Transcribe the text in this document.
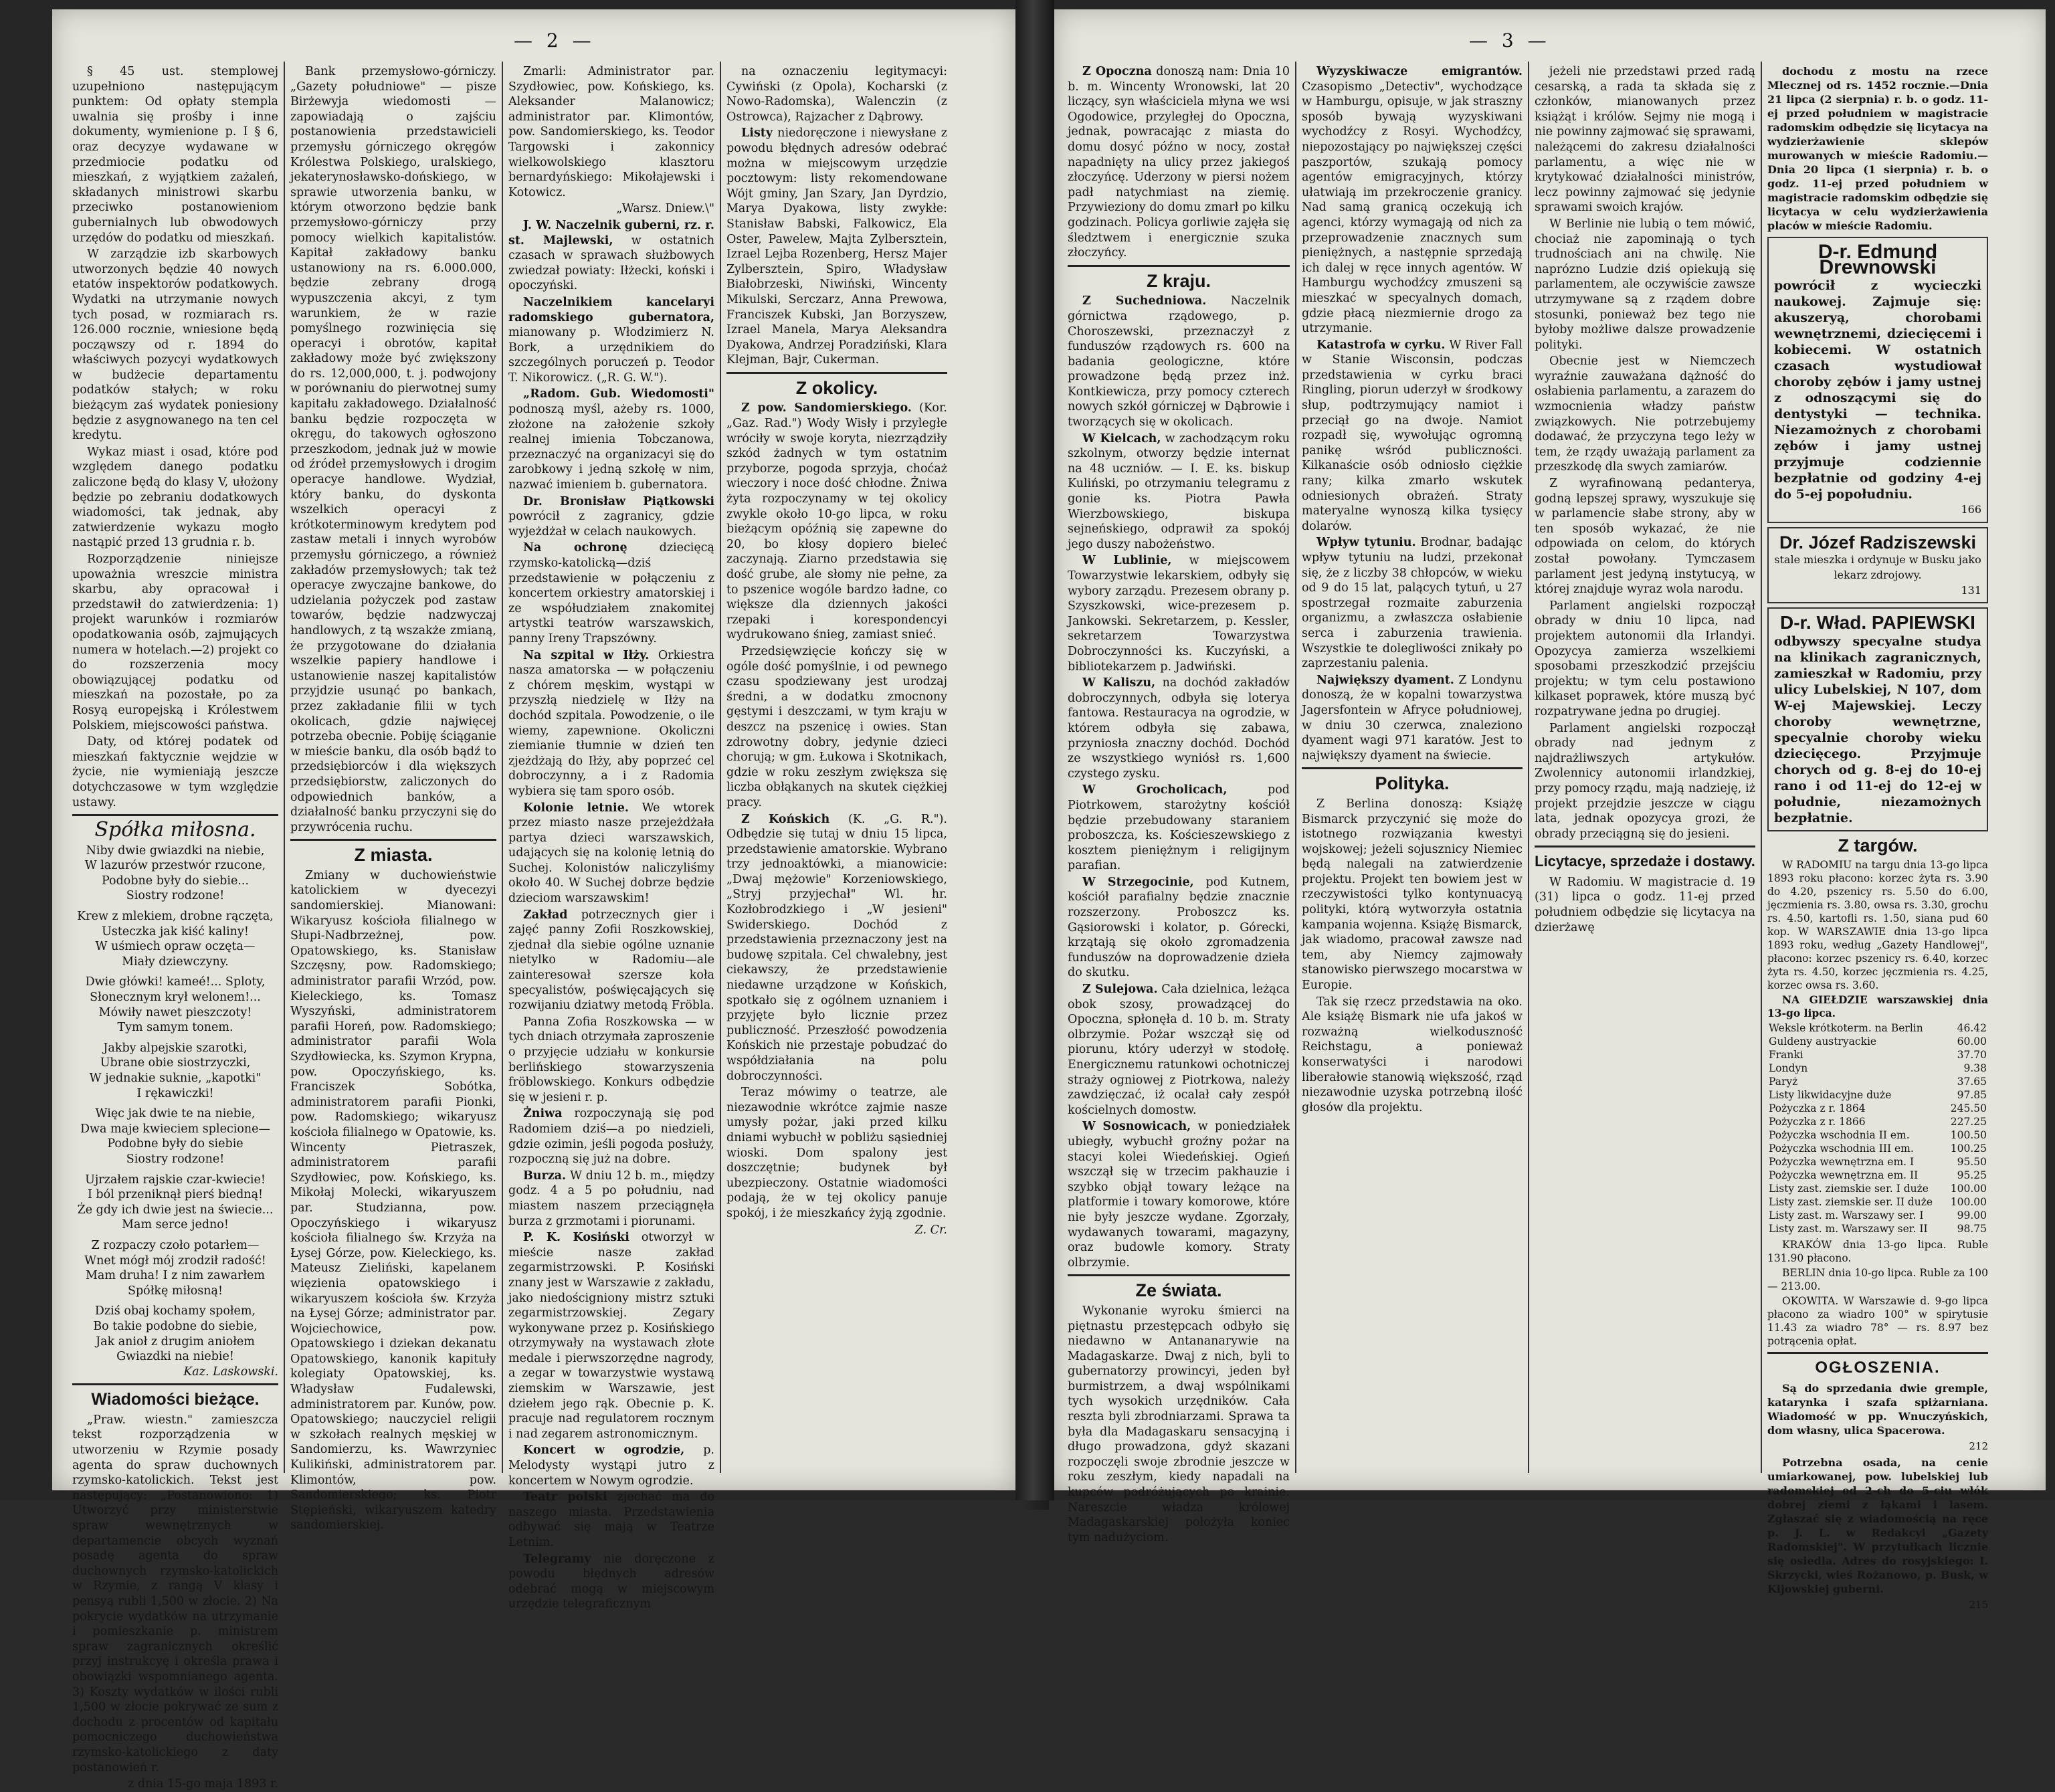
— 2 —

§ 45 ust. stemplowej uzupełniono następującym punktem: Od opłaty stempla uwalnia się prośby i inne dokumenty, wymienione p. I § 6, oraz decyzye wydawane w przedmiocie podatku od mieszkań, z wyjątkiem zażaleń, składanych ministrowi skarbu przeciwko postanowieniom gubernialnych lub obwodowych urzędów do podatku od mieszkań.

W zarządzie izb skarbowych utworzonych będzie 40 nowych etatów inspektorów podatkowych. Wydatki na utrzymanie nowych tych posad, w rozmiarach rs. 126.000 rocznie, wniesione będą począwszy od r. 1894 do właściwych pozycyi wydatkowych w budżecie departamentu podatków stałych; w roku bieżącym zaś wydatek poniesiony będzie z asygnowanego na ten cel kredytu.

Wykaz miast i osad, które pod względem danego podatku zaliczone będą do klasy V, ułożony będzie po zebraniu dodatkowych wiadomości, tak jednak, aby zatwierdzenie wykazu mogło nastąpić przed 13 grudnia r. b.

Rozporządzenie niniejsze upoważnia wreszcie ministra skarbu, aby opracował i przedstawił do zatwierdzenia: 1) projekt warunków i rozmiarów opodatkowania osób, zajmujących numera w hotelach.—2) projekt co do rozszerzenia mocy obowiązującej podatku od mieszkań na pozostałe, po za Rosyą europejską i Królestwem Polskiem, miejscowości państwa.

Daty, od której podatek od mieszkań faktycznie wejdzie w życie, nie wymieniają jeszcze dotychczasowe w tym względzie ustawy.

Spółka miłosna.

Niby dwie gwiazdki na niebie,

W lazurów przestwór rzucone,

Podobne były do siebie...

Siostry rodzone!

Krew z mlekiem, drobne rączęta,

Usteczka jak kiść kaliny!

W uśmiech opraw oczęta—

Miały dziewczyny.

Dwie główki! kameé!... Sploty,

Słonecznym krył welonem!...

Mówiły nawet pieszczoty!

Tym samym tonem.

Jakby alpejskie szarotki,

Ubrane obie siostrzyczki,

W jednakie suknie, „kapotki"

I rękawiczki!

Więc jak dwie te na niebie,

Dwa maje kwieciem splecione—

Podobne były do siebie

Siostry rodzone!

Ujrzałem rajskie czar-kwiecie!

I ból przeniknął pierś biedną!

Że gdy ich dwie jest na świecie...

Mam serce jedno!

Z rozpaczy czoło potarłem—

Wnet mógł mój zrodził radość!

Mam druha! I z nim zawarłem

Spółkę miłosną!

Dziś obaj kochamy społem,

Bo takie podobne do siebie,

Jak anioł z drugim aniołem

Gwiazdki na niebie!

Kaz. Laskowski.

Wiadomości bieżące.

„Praw. wiestn." zamieszcza tekst rozporządzenia w utworzeniu w Rzymie posady agenta do spraw duchownych rzymsko-katolickich. Tekst jest następujący: „Postanowiono: 1) Utworzyć przy ministerstwie spraw wewnętrznych w departamencie obcych wyznań posadę agenta do spraw duchownych rzymsko-katolickich w Rzymie, z rangą V klasy i pensyą rubli 1,500 w złocie. 2) Na pokrycie wydatków na utrzymanie i pomieszkanie p. ministrem spraw zagranicznych określić przyj instrukcyę i określa prawa i obowiązki wspomnianego agenta. 3) Koszty wydatków w ilości rubli 1,500 w złocie pokrywać ze sum z dochodu z procentów od kapitału pomocniczego duchowieństwa rzymsko-katolickiego z daty postanowień r.

z dnia 15-go maja 1893 r.

Bank przemysłowo-górniczy. „Gazety południowe" — pisze Birżewyja wiedomosti — zapowiadają o zajściu postanowienia przedstawicieli przemysłu górniczego okręgów Królestwa Polskiego, uralskiego, jekaterynosławsko-dońskiego, w sprawie utworzenia banku, w którym otworzono będzie bank przemysłowo-górniczy przy pomocy wielkich kapitalistów. Kapitał zakładowy banku ustanowiony na rs. 6.000.000, będzie zebrany drogą wypuszczenia akcyi, z tym warunkiem, że w razie pomyślnego rozwinięcia się operacyi i obrotów, kapitał zakładowy może być zwiększony do rs. 12,000,000, t. j. podwojony w porównaniu do pierwotnej sumy kapitału zakładowego. Działalność banku będzie rozpoczęta w okręgu, do takowych ogłoszono przeszkodom, jednak już w mowie od źródeł przemysłowych i drogim operacye handlowe. Wydział, który banku, do dyskonta wszelkich operacyi z krótkoterminowym kredytem pod zastaw metali i innych wyrobów przemysłu górniczego, a również zakładów przemysłowych; tak też operacye zwyczajne bankowe, do udzielania pożyczek pod zastaw towarów, będzie nadzwyczaj handlowych, z tą wszakże zmianą, że przygotowane do działania wszelkie papiery handlowe i ustanowienie naszej kapitalistów przyjdzie usunąć po bankach, przez zakładanie filii w tych okolicach, gdzie najwięcej potrzeba obecnie. Pobiję ściąganie w mieście banku, dla osób bądź to przedsiębiorców i dla większych przedsiębiorstw, zaliczonych do odpowiednich banków, a działalność banku przyczyni się do przywrócenia ruchu.

Z miasta.

Zmiany w duchowieństwie katolickiem w dyecezyi sandomierskiej. Mianowani: Wikaryusz kościoła filialnego w Słupi-Nadbrzeżnej, pow. Opatowskiego, ks. Stanisław Szczęsny, pow. Radomskiego; administrator parafii Wrzód, pow. Kieleckiego, ks. Tomasz Wyszyński, administratorem parafii Horeń, pow. Radomskiego; administrator parafii Wola Szydłowiecka, ks. Szymon Krypna, pow. Opoczyńskiego, ks. Franciszek Sobótka, administratorem parafii Pionki, pow. Radomskiego; wikaryusz kościoła filialnego w Opatowie, ks. Wincenty Pietraszek, administratorem parafii Szydłowiec, pow. Końskiego, ks. Mikołaj Molecki, wikaryuszem par. Studzianna, pow. Opoczyńskiego i wikaryusz kościoła filialnego św. Krzyża na Łysej Górze, pow. Kieleckiego, ks. Mateusz Zieliński, kapelanem więzienia opatowskiego i wikaryuszem kościoła św. Krzyża na Łysej Górze; administrator par. Wojciechowice, pow. Opatowskiego i dziekan dekanatu Opatowskiego, kanonik kapituły kolegiaty Opatowskiej, ks. Władysław Fudalewski, administratorem par. Kunów, pow. Opatowskiego; nauczyciel religii w szkołach realnych męskiej w Sandomierzu, ks. Wawrzyniec Kulikiński, administratorem par. Klimontów, pow. Sandomierskiego; ks. Piotr Stępieński, wikaryuszem katedry sandomierskiej.

Zmarli: Administrator par. Szydłowiec, pow. Końskiego, ks. Aleksander Malanowicz; administrator par. Klimontów, pow. Sandomierskiego, ks. Teodor Targowski i zakonnicy wielkowolskiego klasztoru bernardyńskiego: Mikołajewski i Kotowicz.

„Warsz. Dniew.\"

J. W. Naczelnik guberni, rz. r. st. Majlewski, w ostatnich czasach w sprawach służbowych zwiedzał powiaty: Iłżecki, koński i opoczyński.

Naczelnikiem kancelaryi radomskiego gubernatora, mianowany p. Włodzimierz N. Bork, a urzędnikiem do szczególnych poruczeń p. Teodor T. Nikorowicz. („R. G. W.").

„Radom. Gub. Wiedomosti" podnoszą myśl, ażeby rs. 1000, złożone na założenie szkoły realnej imienia Tobczanowa, przeznaczyć na organizacyi się do zarobkowy i jedną szkołę w nim, nazwać imieniem b. gubernatora.

Dr. Bronisław Piątkowski powrócił z zagranicy, gdzie wyjeżdżał w celach naukowych.

Na ochronę	dziecięcą rzymsko-katolicką—dziś przedstawienie w połączeniu z koncertem orkiestry amatorskiej i ze współudziałem znakomitej artystki teatrów warszawskich, panny Ireny Trapszówny.

Na szpital w Iłży. Orkiestra nasza amatorska — w połączeniu z chórem męskim, wystąpi w przyszłą niedzielę w Iłży na dochód szpitala. Powodzenie, o ile wiemy, zapewnione. Okoliczni ziemianie tłumnie w dzień ten zjeżdżają do Iłży, aby poprzeć cel dobroczynny, a i z Radomia wybiera się tam sporo osób.

Kolonie letnie. We wtorek przez miasto nasze przejeżdżała partya dzieci warszawskich, udających się na kolonię letnią do Suchej. Kolonistów naliczyliśmy około 40. W Suchej dobrze będzie dzieciom warszawskim!

Zakład potrzecznych gier i zajęć panny Zofii Roszkowskiej, zjednał dla siebie ogólne uznanie nietylko w Radomiu—ale zainteresował szersze koła specyalistów, poświęcających się rozwijaniu dziatwy metodą Fröbla.

Panna Zofia Roszkowska — w tych dniach otrzymała zaproszenie o przyjęcie udziału w konkursie berlińskiego stowarzyszenia fröblowskiego. Konkurs odbędzie się w jesieni r. p.

Żniwa rozpoczynają się pod Radomiem dziś—a po niedzieli, gdzie ozimin, jeśli pogoda posłuży, rozpoczną się już na dobre.

Burza. W dniu 12 b. m., między godz. 4 a 5 po południu, nad miastem naszem przeciągnęła burza z grzmotami i piorunami.

P. K. Kosiński otworzył w mieście nasze zakład zegarmistrzowski. P. Kosiński znany jest w Warszawie z zakładu, jako niedościgniony mistrz sztuki zegarmistrzowskiej. Zegary wykonywane przez p. Kosińskiego otrzymywały na wystawach złote medale i pierwszorzędne nagrody, a zegar w towarzystwie wystawą ziemskim w Warszawie, jest dziełem jego rąk. Obecnie p. K. pracuje nad regulatorem rocznym i nad zegarem astronomicznym.

Koncert w ogrodzie, p. Melodysty wystąpi jutro z koncertem w Nowym ogrodzie.

Teatr polski zjechać ma do naszego miasta. Przedstawienia odbywać się mają w Teatrze Letnim.

Telegramy nie doręczone z powodu błędnych adresów odebrać mogą w miejscowym urzędzie telegraficznym

na oznaczeniu legitymacyi: Cywiński (z Opola), Kocharski (z Nowo-Radomska), Walenczin (z Ostrowca), Rajzacher z Dąbrowy.

Listy niedoręczone i niewysłane z powodu błędnych adresów odebrać można w miejscowym urzędzie pocztowym: listy rekomendowane Wójt gminy, Jan Szary, Jan Dyrdzio, Marya Dyakowa, listy zwykłe: Stanisław Babski, Falkowicz, Ela Oster, Pawelew, Majta Zylbersztein, Izrael Lejba Rozenberg, Hersz Majer Zylbersztein, Spiro, Władysław Białobrzeski, Niwiński, Wincenty Mikulski, Serczarz, Anna Prewowa, Franciszek Kubski, Jan Borzyszew, Izrael Manela, Marya Aleksandra Dyakowa, Andrzej Poradziński, Klara Klejman, Bajr, Cukerman.

Z okolicy.

Z pow. Sandomierskiego. (Kor. „Gaz. Rad.") Wody Wisły i przyległe wróciły w swoje koryta, niezrządziły szkód żadnych w tym ostatnim przyborze, pogoda sprzyja, choćaż wieczory i noce dość chłodne. Żniwa żyta rozpoczynamy w tej okolicy zwykle około 10-go lipca, w roku bieżącym opóźnią się zapewne do 20, bo kłosy dopiero bieleć zaczynają. Ziarno przedstawia się dość grube, ale słomy nie pełne, za to pszenice wogóle bardzo ładne, co większe dla dziennych jakości rzepaki i korespondencyi wydrukowano śnieg, zamiast snieć.

Przedsięwzięcie kończy się w ogóle dość pomyślnie, i od pewnego czasu spodziewany jest urodzaj średni, a w dodatku zmocnony gęstymi i deszczami, w tym kraju w deszcz na pszenicę i owies. Stan zdrowotny dobry, jedynie dzieci chorują; w gm. Łukowa i Skotnikach, gdzie w roku zeszłym zwiększa się liczba obłąkanych na skutek ciężkiej pracy.

Z Końskich (K. „G. R."). Odbędzie się tutaj w dniu 15 lipca, przedstawienie amatorskie. Wybrano trzy jednoaktówki, a mianowicie: „Dwaj mężowie" Korzeniowskiego, „Stryj przyjechał" Wl. hr. Kozłobrodzkiego i „W jesieni" Swiderskiego. Dochód z przedstawienia przeznaczony jest na budowę szpitala. Cel chwalebny, jest ciekawszy, że przedstawienie niedawne urządzone w Końskich, spotkało się z ogólnem uznaniem i przyjęte było licznie przez publiczność. Przeszłość powodzenia Końskich nie przestaje pobudzać do współdziałania na polu dobroczynności.

Teraz mówimy o teatrze, ale niezawodnie wkrótce zajmie nasze umysły pożar, jaki przed kilku dniami wybuchł w pobliżu sąsiedniej wioski. Dom spalony jest doszczętnie; budynek był ubezpieczony. Ostatnie wiadomości podają, że w tej okolicy panuje spokój, i że mieszkańcy żyją zgodnie.

Z. Cr.

— 3 —

Z Opoczna donoszą nam: Dnia 10 b. m. Wincenty Wronowski, lat 20 liczący, syn właściciela młyna we wsi Ogodowice, przyległej do Opoczna, jednak, powracając z miasta do domu dosyć późno w nocy, został napadnięty na ulicy przez jakiegoś złoczyńcę. Uderzony w piersi nożem padł natychmiast na ziemię. Przywieziony do domu zmarł po kilku godzinach. Policya gorliwie zajęła się śledztwem i energicznie szuka złoczyńcy.

Z kraju.

Z Suchedniowa. Naczelnik górnictwa rządowego, p. Choroszewski, przeznaczył z funduszów rządowych rs. 600 na badania geologiczne, które prowadzone będą przez inż. Kontkiewicza, przy pomocy czterech nowych szkół górniczej w Dąbrowie i tworzących się w okolicach.

W Kielcach, w zachodzącym roku szkolnym, otworzy będzie internat na 48 uczniów. — I. E. ks. biskup Kuliński, po otrzymaniu telegramu z gonie ks. Piotra Pawła Wierzbowskiego, biskupa sejneńskiego, odprawił za spokój jego duszy nabożeństwo.

W Lublinie, w miejscowem Towarzystwie lekarskiem, odbyły się wybory zarządu. Prezesem obrany p. Szyszkowski, wice-prezesem p. Jankowski. Sekretarzem, p. Kessler, sekretarzem Towarzystwa Dobroczynności ks. Kuczyński, a bibliotekarzem p. Jadwiński.

W Kaliszu, na dochód zakładów dobroczynnych, odbyła się loterya fantowa. Restauracya na ogrodzie, w którem odbyła się zabawa, przyniosła znaczny dochód. Dochód ze wszystkiego wyniósł rs. 1,600 czystego zysku.

W Grocholicach,	pod Piotrkowem, starożytny kościół będzie przebudowany staraniem proboszcza, ks. Kościeszewskiego z kosztem pieniężnym i religijnym parafian.

W Strzegocinie, pod Kutnem, kościół parafialny będzie znacznie rozszerzony. Proboszcz ks. Gąsiorowski i kolator, p. Górecki, krzątają się około zgromadzenia funduszów na doprowadzenie dzieła do skutku.

Z Sulejowa. Cała dzielnica, leżąca obok szosy, prowadzącej do Opoczna, spłonęła d. 10 b. m. Straty olbrzymie. Pożar wszczął się od piorunu, który uderzył w stodołę. Energicznemu ratunkowi ochotniczej straży ogniowej z Piotrkowa, należy zawdzięczać, iż ocalał cały zespół kościelnych domostw.

W Sosnowicach, w poniedziałek ubiegły, wybuchł groźny pożar na stacyi kolei Wiedeńskiej. Ogień wszczął się w trzecim pakhauzie i szybko objął towary leżące na platformie i towary komorowe, które nie były jeszcze wydane. Zgorzały, wydawanych towarami, magazyny, oraz budowle komory. Straty olbrzymie.

Ze świata.

Wykonanie wyroku śmierci na piętnastu przestępcach odbyło się niedawno w Antananarywie na Madagaskarze. Dwaj z nich, byli to gubernatorzy prowincyi, jeden był burmistrzem, a dwaj wspólnikami tych wysokich urzędników. Cała reszta byli zbrodniarzami. Sprawa ta była dla Madagaskaru sensacyjną i długo prowadzona, gdyż skazani rozpoczęli swoje zbrodnie jeszcze w roku zeszłym, kiedy napadali na kupców podróżujących po krainie. Nareszcie władza królowej Madagaskarskiej położyła koniec tym nadużyciom.

Wyzyskiwacze emigrantów. Czasopismo „Detectiv", wychodzące w Hamburgu, opisuje, w jak straszny sposób bywają wyzyskiwani wychodźcy z Rosyi. Wychodźcy, niepozostający po największej części paszportów, szukają pomocy agentów emigracyjnych, którzy ułatwiają im przekroczenie granicy. Nad samą granicą oczekują ich agenci, którzy wymagają od nich za przeprowadzenie znacznych sum pieniężnych, a następnie sprzedają ich dalej w ręce innych agentów. W Hamburgu wychodźcy zmuszeni są mieszkać w specyalnych domach, gdzie płacą niezmiernie drogo za utrzymanie.

Katastrofa w cyrku. W River Fall w Stanie Wisconsin, podczas przedstawienia w cyrku braci Ringling, piorun uderzył w środkowy słup, podtrzymujący namiot i przeciął go na dwoje. Namiot rozpadł się, wywołując ogromną panikę wśród publiczności. Kilkanaście osób odniosło ciężkie rany; kilka zmarło wskutek odniesionych obrażeń. Straty materyalne wynoszą kilka tysięcy dolarów.

Wpływ tytuniu. Brodnar, badając wpływ tytuniu na ludzi, przekonał się, że z liczby 38 chłopców, w wieku od 9 do 15 lat, palących tytuń, u 27 spostrzegał rozmaite zaburzenia organizmu, a zwłaszcza osłabienie serca i zaburzenia trawienia. Wszystkie te dolegliwości znikały po zaprzestaniu palenia.

Największy dyament. Z Londynu donoszą, że w kopalni towarzystwa Jagersfontein w Afryce południowej, w dniu 30 czerwca, znaleziono dyament wagi 971 karatów. Jest to największy dyament na świecie.

Polityka.

Z Berlina donoszą: Książę Bismarck przyczynić się może do istotnego rozwiązania kwestyi wojskowej; jeżeli sojusznicy Niemiec będą nalegali na zatwierdzenie projektu. Projekt ten bowiem jest w rzeczywistości tylko kontynuacyą polityki, którą wytworzyła ostatnia kampania wojenna. Książę Bismarck, jak wiadomo, pracował zawsze nad tem, aby Niemcy zajmowały stanowisko pierwszego mocarstwa w Europie.

Tak się rzecz przedstawia na oko. Ale książę Bismark nie ufa jakoś w rozważną wielkoduszność Reichstagu, a ponieważ konserwatyści i narodowi liberałowie stanowią większość, rząd niezawodnie uzyska potrzebną ilość głosów dla projektu.

jeżeli nie przedstawi przed radą cesarską, a rada ta składa się z członków, mianowanych przez książąt i królów. Sejmy nie mogą i nie powinny zajmować się sprawami, należącemi do zakresu działalności parlamentu, a więc nie w krytykować działalności ministrów, lecz powinny zajmować się jedynie sprawami swoich krajów.

W Berlinie nie lubią o tem mówić, chociaż nie zapominają o tych trudnościach ani na chwilę. Nie naprózno Ludzie dziś opiekują się parlamentem, ale oczywiście zawsze utrzymywane są z rządem dobre stosunki, ponieważ bez tego nie byłoby możliwe dalsze prowadzenie polityki.

Obecnie jest w Niemczech wyraźnie zauważana dążność do osłabienia parlamentu, a zarazem do wzmocnienia władzy państw związkowych. Nie potrzebujemy dodawać, że przyczyna tego leży w tem, że rządy uważają parlament za przeszkodę dla swych zamiarów.

Z wyrafinowaną pedanterya, godną lepszej sprawy, wyszukuje się w parlamencie słabe strony, aby w ten sposób wykazać, że nie odpowiada on celom, do których został powołany. Tymczasem parlament jest jedyną instytucyą, w której znajduje wyraz wola narodu.

Parlament angielski rozpoczął obrady w dniu 10 lipca, nad projektem autonomii dla Irlandyi. Opozycya zamierza wszelkiemi sposobami przeszkodzić przejściu projektu; w tym celu postawiono kilkaset poprawek, które muszą być rozpatrywane jedna po drugiej.

Parlament angielski rozpoczął obrady nad jednym z najdrażliwszych artykułów. Zwolennicy autonomii irlandzkiej, przy pomocy rządu, mają nadzieję, iż projekt przejdzie jeszcze w ciągu lata, jednak opozycya grozi, że obrady przeciągną się do jesieni.

Licytacye, sprzedaże i dostawy.

W Radomiu. W magistracie d. 19 (31) lipca o godz. 11-ej przed południem odbędzie się licytacya na dzierżawę

dochodu z mostu na rzece Mlecznej od rs. 1452 rocznie.—Dnia 21 lipca (2 sierpnia) r. b. o godz. 11-ej przed południem w magistracie radomskim odbędzie się licytacya na wydzierżawienie sklepów murowanych w mieście Radomiu.—Dnia 20 lipca (1 sierpnia) r. b. o godz. 11-ej przed południem w magistracie radomskim odbędzie się licytacya w celu wydzierżawienia placów w mieście Radomiu.

D-r. Edmund Drewnowski
powrócił z wycieczki naukowej. Zajmuje się: akuszeryą, chorobami wewnętrznemi, dziecięcemi i kobiecemi. W ostatnich czasach wystudiował choroby zębów i jamy ustnej z odnoszącymi się do dentystyki — technika. Niezamożnych z chorobami zębów i jamy ustnej przyjmuje codziennie bezpłatnie od godziny 4-ej do 5-ej popołudniu.
166
Dr. Józef Radziszewski
stale mieszka i ordynuje w Busku jako lekarz zdrojowy.
131
D-r. Wład. PAPIEWSKI
odbywszy specyalne studya na klinikach zagranicznych, zamieszkał w Radomiu, przy ulicy Lubelskiej, N 107, dom W-ej Majewskiej. Leczy choroby wewnętrzne, specyalnie choroby wieku dziecięcego. Przyjmuje chorych od g. 8-ej do 10-ej rano i od 11-ej do 12-ej w południe, niezamożnych bezpłatnie.
Z targów.

W RADOMIU na targu dnia 13-go lipca 1893 roku płacono: korzec żyta rs. 3.90 do 4.20, pszenicy rs. 5.50 do 6.00, jęczmienia rs. 3.80, owsa rs. 3.30, grochu rs. 4.50, kartofli rs. 1.50, siana pud 60 kop. W WARSZAWIE dnia 13-go lipca 1893 roku, według „Gazety Handlowej", płacono: korzec pszenicy rs. 6.40, korzec żyta rs. 4.50, korzec jęczmienia rs. 4.25, korzec owsa rs. 3.60.

NA GIEŁDZIE warszawskiej dnia 13-go lipca.

Weksle krótkoterm. na Berlin	46.42
Guldeny austryackie	60.00
Franki	37.70
Londyn	9.38
Paryż	37.65
Listy likwidacyjne duże	97.85
Pożyczka z r. 1864	245.50
Pożyczka z r. 1866	227.25
Pożyczka wschodnia II em.	100.50
Pożyczka wschodnia III em.	100.25
Pożyczka wewnętrzna em. I	95.50
Pożyczka wewnętrzna em. II	95.25
Listy zast. ziemskie ser. I duże	100.00
Listy zast. ziemskie ser. II duże	100.00
Listy zast. m. Warszawy ser. I	99.00
Listy zast. m. Warszawy ser. II	98.75

KRAKÓW dnia 13-go lipca. Ruble 131.90 płacono.

BERLIN dnia 10-go lipca. Ruble za 100 — 213.00.

OKOWITA. W Warszawie d. 9-go lipca płacono za wiadro 100° w spirytusie 11.43 za wiadro 78° — rs. 8.97 bez potrącenia opłat.

OGŁOSZENIA.

Są do sprzedania dwie gremple, katarynka i szafa spiżarniana. Wiadomość w pp. Wnuczyńskich, dom własny, ulica Spacerowa.

212

Potrzebna osada, na cenie umiarkowanej, pow. lubelskiej lub radomskiej od 2-ch do 5-ciu włók dobrej ziemi z łąkami i lasem. Zgłaszać się z wiadomością na ręce p. J. L. w Redakcyi „Gazety Radomskiej". W przytułkach licznie się osiedla. Adres do rosyjskiego: I. Skrzycki, wieś Rożanowo, p. Busk, w Kijowskiej guberni.

215
